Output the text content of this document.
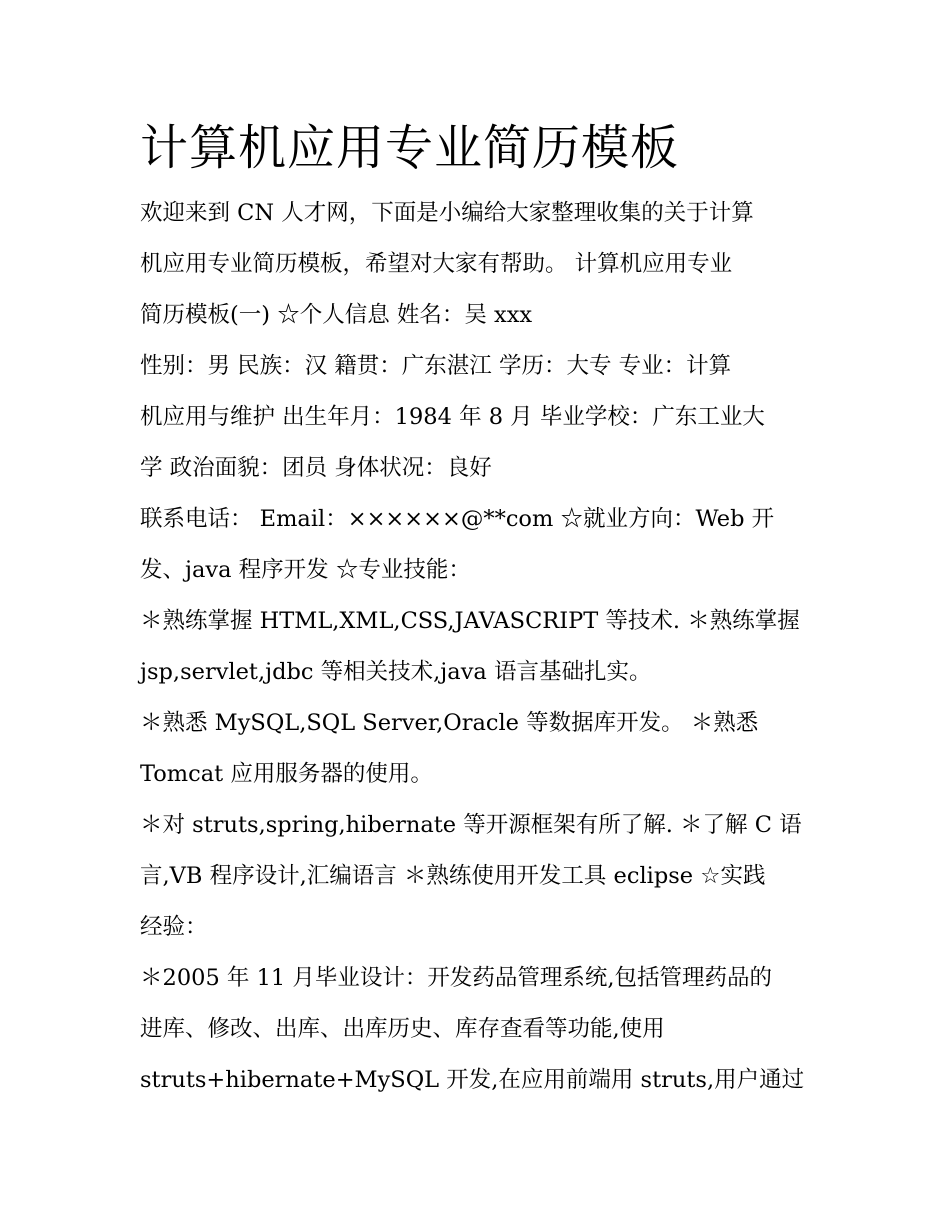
计算机应用专业简历模板
欢迎来到 CN 人才网，下面是小编给大家整理收集的关于计算
机应用专业简历模板，希望对大家有帮助。 计算机应用专业
简历模板(一) ☆个人信息 姓名：吴 xxx
性别：男 民族：汉 籍贯：广东湛江 学历：大专 专业：计算
机应用与维护 出生年月：1984 年 8 月 毕业学校：广东工业大
学 政治面貌：团员 身体状况：良好
联系电话： Email：××××××@**com ☆就业方向：Web 开
发、java 程序开发 ☆专业技能：
＊熟练掌握 HTML,XML,CSS,JAVASCRIPT 等技术. ＊熟练掌握
jsp,servlet,jdbc 等相关技术,java 语言基础扎实。
＊熟悉 MySQL,SQL Server,Oracle 等数据库开发。 ＊熟悉
Tomcat 应用服务器的使用。
＊对 struts,spring,hibernate 等开源框架有所了解. ＊了解 C 语
言,VB 程序设计,汇编语言 ＊熟练使用开发工具 eclipse ☆实践
经验：
＊2005 年 11 月毕业设计：开发药品管理系统,包括管理药品的
进库、修改、出库、出库历史、库存查看等功能,使用
struts+hibernate+MySQL 开发,在应用前端用 struts,用户通过
